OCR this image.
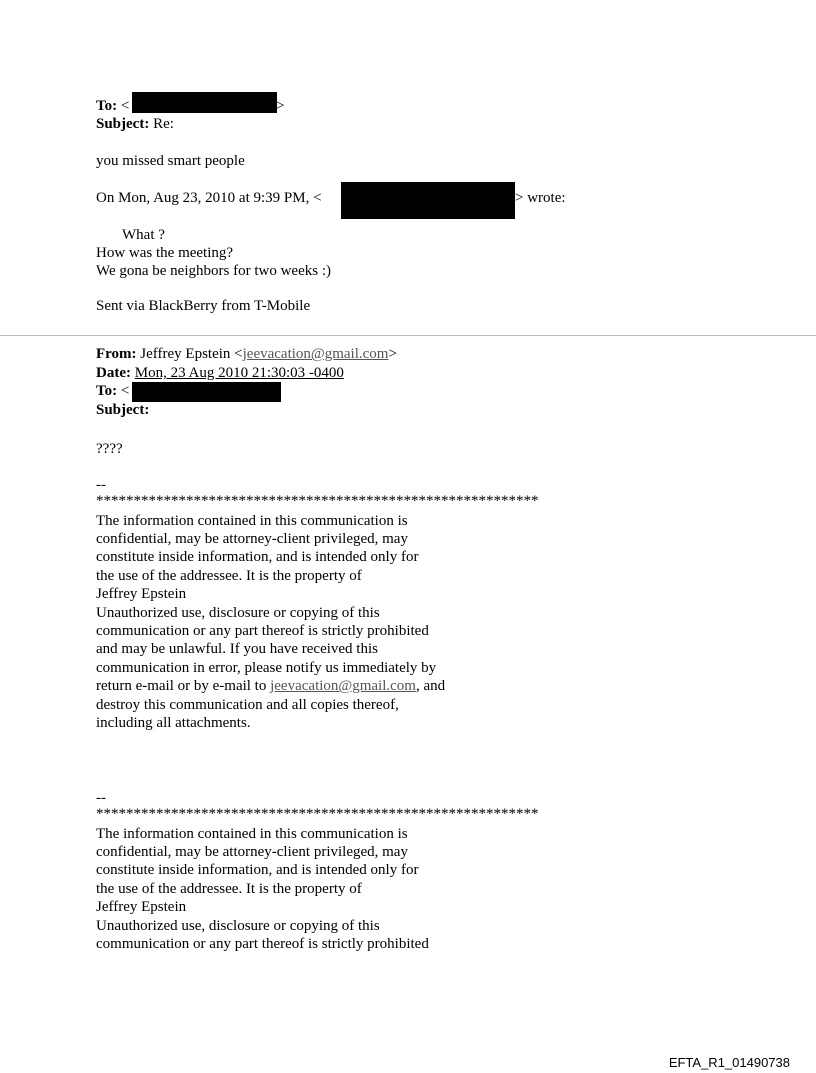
To: <	>
Subject: Re:
you missed smart people
On Mon, Aug 23, 2010 at 9:39 PM, <	> wrote:
What ?
How was the meeting?
We gona be neighbors for two weeks :)
Sent via BlackBerry from T-Mobile
From: Jeffrey Epstein <jeevacation@gmail.com>
Date: Mon, 23 Aug 2010 21:30:03 -0400
To: <
Subject:
????
--
***********************************************************
The information contained in this communication is
confidential, may be attorney-client privileged, may
constitute inside information, and is intended only for
the use of the addressee. It is the property of
Jeffrey Epstein
Unauthorized use, disclosure or copying of this
communication or any part thereof is strictly prohibited
and may be unlawful. If you have received this
communication in error, please notify us immediately by
return e-mail or by e-mail to jeevacation@gmail.com, and
destroy this communication and all copies thereof,
including all attachments.
--
***********************************************************
The information contained in this communication is
confidential, may be attorney-client privileged, may
constitute inside information, and is intended only for
the use of the addressee. It is the property of
Jeffrey Epstein
Unauthorized use, disclosure or copying of this
communication or any part thereof is strictly prohibited
EFTA_R1_01490738
